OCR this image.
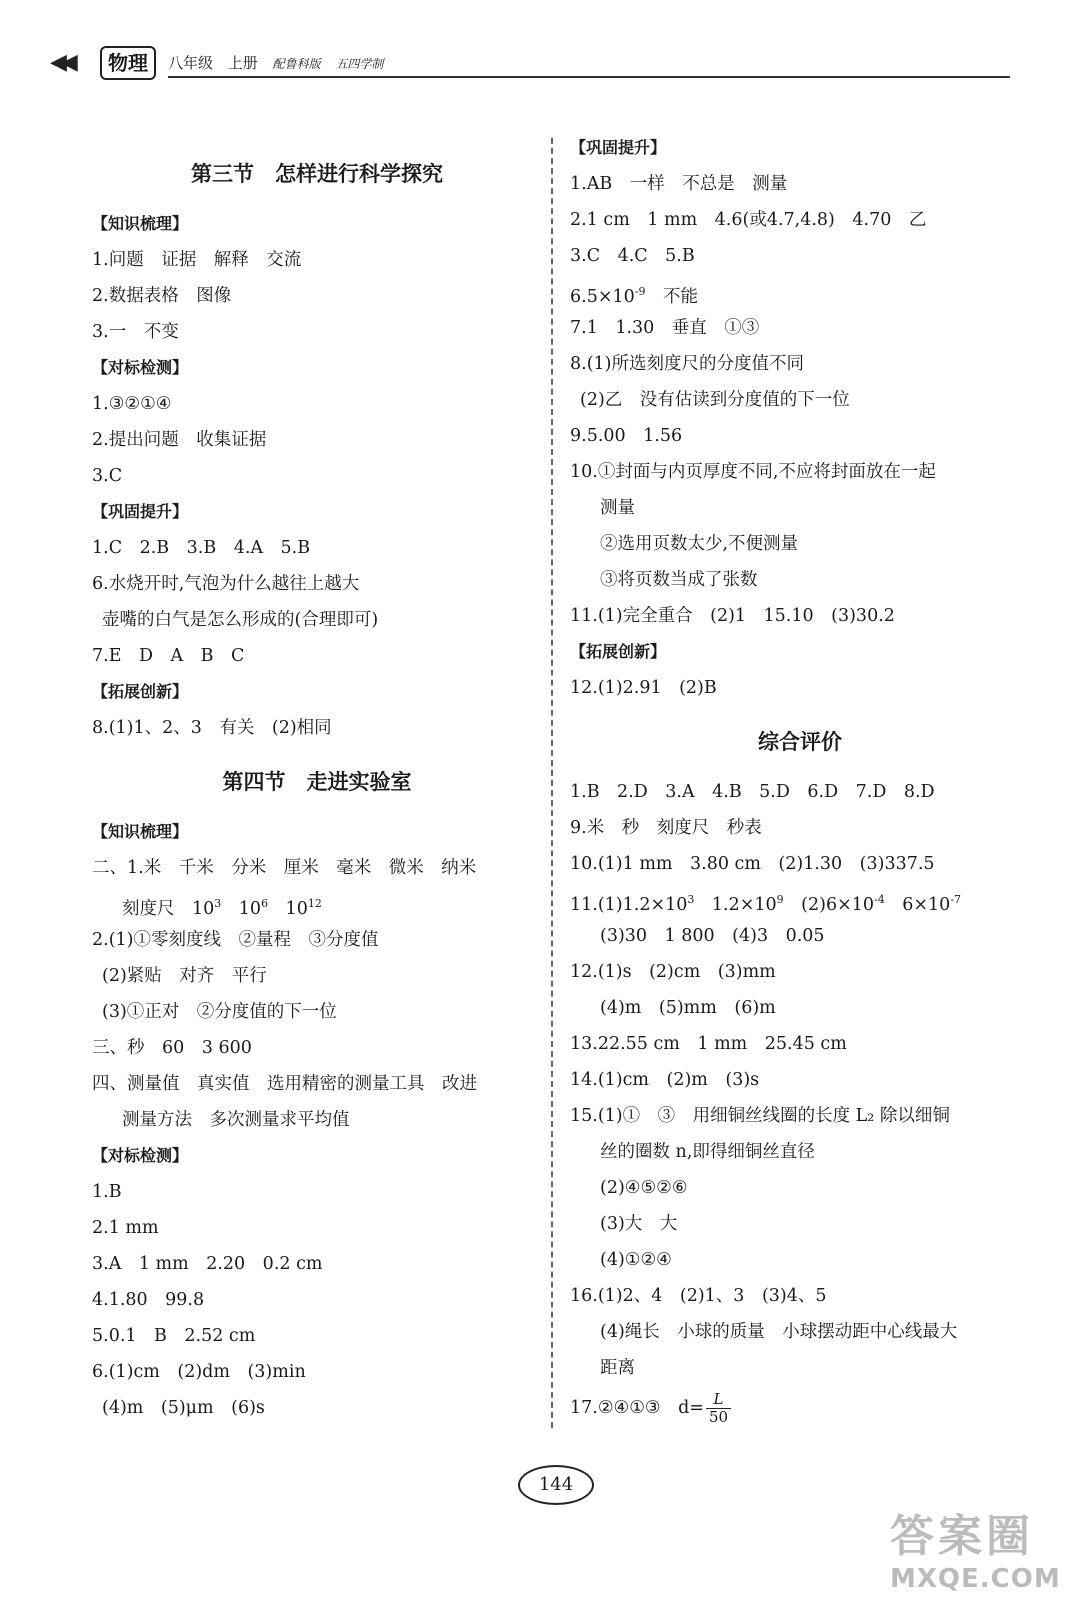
◀◀	物理	八年级 上册 配鲁科版 五四学制
第三节　怎样进行科学探究
【知识梳理】
1.问题　证据　解释　交流
2.数据表格　图像
3.一　不变
【对标检测】
1.③②①④
2.提出问题　收集证据
3.C
【巩固提升】
1.C　2.B　3.B　4.A　5.B
6.水烧开时,气泡为什么越往上越大
壶嘴的白气是怎么形成的(合理即可)
7.E　D　A　B　C
【拓展创新】
8.(1)1、2、3　有关　(2)相同
第四节　走进实验室
【知识梳理】
二、1.米　千米　分米　厘米　毫米　微米　纳米
刻度尺　$10^3$　$10^6$　$10^{12}$
2.(1)①零刻度线　②量程　③分度值
(2)紧贴　对齐　平行
(3)①正对　②分度值的下一位
三、秒　60　3 600
四、测量值　真实值　选用精密的测量工具　改进
测量方法　多次测量求平均值
【对标检测】
1.B
2.1 mm
3.A　1 mm　2.20　0.2 cm
4.1.80　99.8
5.0.1　B　2.52 cm
6.(1)cm　(2)dm　(3)min
(4)m　(5)μm　(6)s
【巩固提升】
1.AB　一样　不总是　测量
2.1 cm　1 mm　4.6(或4.7,4.8)　4.70　乙
3.C　4.C　5.B
$6.5\times 10^{-9}$　不能
7.1　1.30　垂直　①③
8.(1)所选刻度尺的分度值不同
(2)乙　没有估读到分度值的下一位
9.5.00　1.56
10.①封面与内页厚度不同,不应将封面放在一起
测量
②选用页数太少,不便测量
③将页数当成了张数
11.(1)完全重合　(2)1　15.10　(3)30.2
【拓展创新】
12.(1)2.91　(2)B
综合评价
1.B　2.D　3.A　4.B　5.D　6.D　7.D　8.D
9.米　秒　刻度尺　秒表
10.(1)1 mm　3.80 cm　(2)1.30　(3)337.5
$11.(1)1.2\times 10^3$　$1.2\times 10^9$　$(2)6\times 10^{-4}$　$6\times 10^{-7}$
(3)30　1 800　(4)3　0.05
12.(1)s　(2)cm　(3)mm
(4)m　(5)mm　(6)m
13.22.55 cm　1 mm　25.45 cm
14.(1)cm　(2)m　(3)s
15.(1)①　③　用细铜丝线圈的长度 L₂ 除以细铜
丝的圈数 n,即得细铜丝直径
(2)④⑤②⑥
(3)大　大
(4)①②④
16.(1)2、4　(2)1、3　(3)4、5
(4)绳长　小球的质量　小球摆动距中心线最大
距离
17.②④①③　$d= \frac{L}{50}$
144
答案圈
MXQE.COM
